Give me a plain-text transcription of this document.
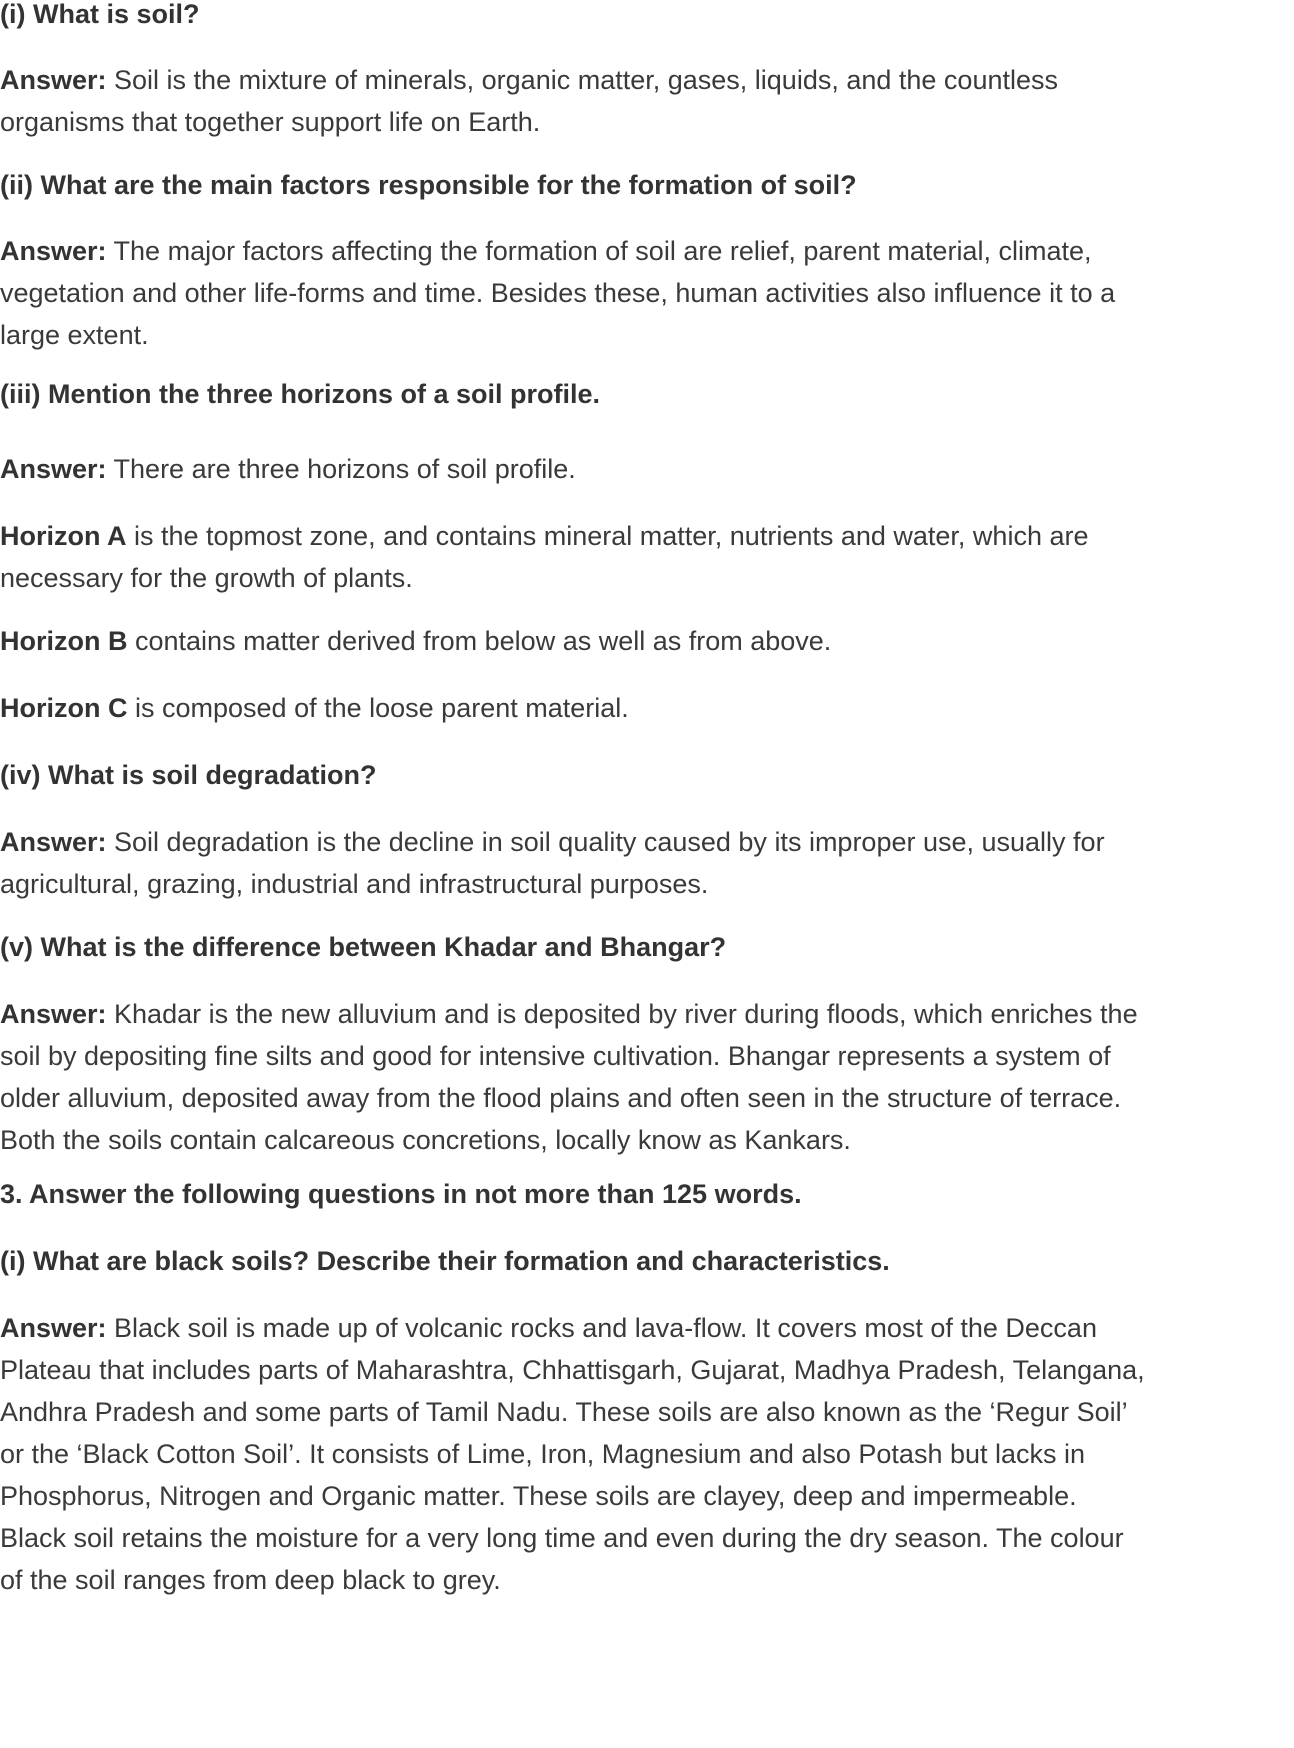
(i) What is soil?
Answer: Soil is the mixture of minerals, organic matter, gases, liquids, and the countless
organisms that together support life on Earth.
(ii) What are the main factors responsible for the formation of soil?
Answer: The major factors affecting the formation of soil are relief, parent material, climate,
vegetation and other life-forms and time. Besides these, human activities also influence it to a
large extent.
(iii) Mention the three horizons of a soil profile.
Answer: There are three horizons of soil profile.
Horizon A is the topmost zone, and contains mineral matter, nutrients and water, which are
necessary for the growth of plants.
Horizon B contains matter derived from below as well as from above.
Horizon C is composed of the loose parent material.
(iv) What is soil degradation?
Answer: Soil degradation is the decline in soil quality caused by its improper use, usually for
agricultural, grazing, industrial and infrastructural purposes.
(v) What is the difference between Khadar and Bhangar?
Answer: Khadar is the new alluvium and is deposited by river during floods, which enriches the
soil by depositing fine silts and good for intensive cultivation. Bhangar represents a system of
older alluvium, deposited away from the flood plains and often seen in the structure of terrace.
Both the soils contain calcareous concretions, locally know as Kankars.
3. Answer the following questions in not more than 125 words.
(i) What are black soils? Describe their formation and characteristics.
Answer: Black soil is made up of volcanic rocks and lava-flow. It covers most of the Deccan
Plateau that includes parts of Maharashtra, Chhattisgarh, Gujarat, Madhya Pradesh, Telangana,
Andhra Pradesh and some parts of Tamil Nadu. These soils are also known as the ‘Regur Soil’
or the ‘Black Cotton Soil’. It consists of Lime, Iron, Magnesium and also Potash but lacks in
Phosphorus, Nitrogen and Organic matter. These soils are clayey, deep and impermeable.
Black soil retains the moisture for a very long time and even during the dry season. The colour
of the soil ranges from deep black to grey.
